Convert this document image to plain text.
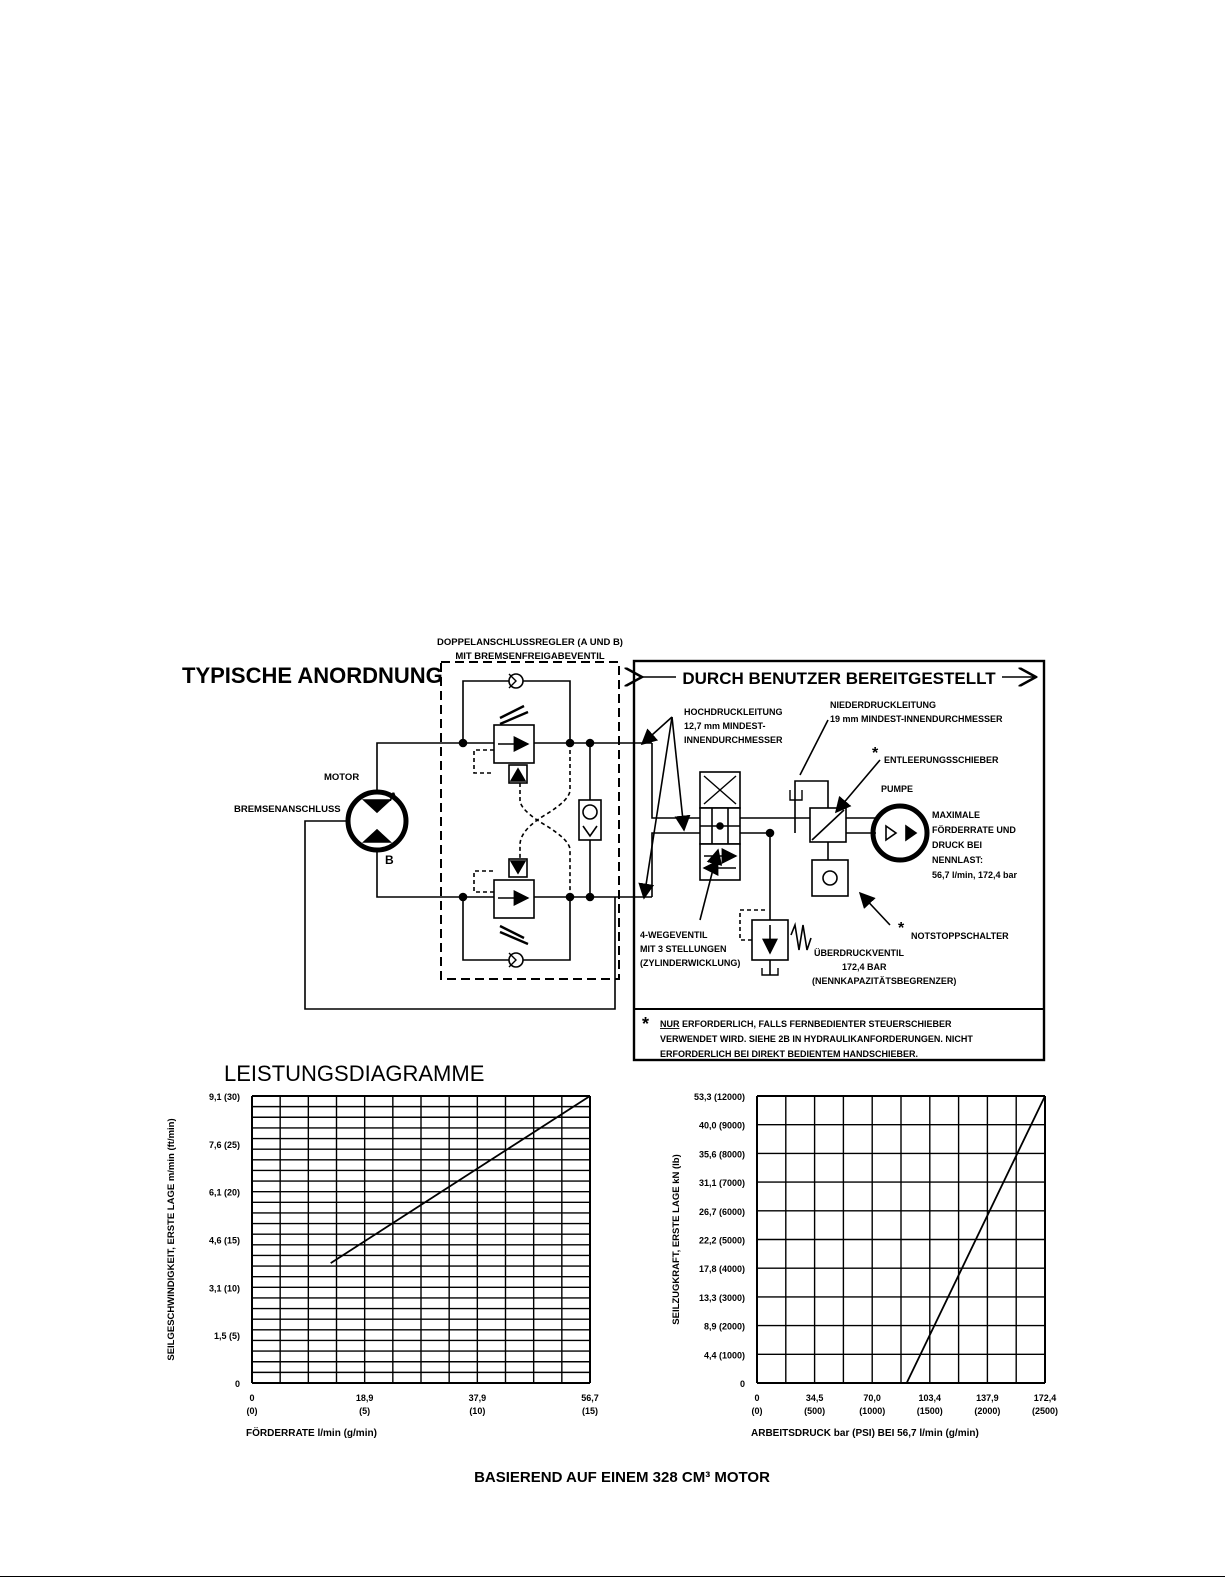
TYPISCHE ANORDNUNG
DOPPELANSCHLUSSREGLER (A UND B)
MIT BREMSENFREIGABEVENTIL
MOTOR
BREMSENANSCHLUSS
A
B
DURCH BENUTZER BEREITGESTELLT
HOCHDRUCKLEITUNG
12,7 mm MINDEST-
INNENDURCHMESSER
NIEDERDRUCKLEITUNG
19 mm MINDEST-INNENDURCHMESSER
* ENTLEERUNGSSCHIEBER
PUMPE
MAXIMALE
FÖRDERRATE UND
DRUCK BEI
NENNLAST:
56,7 l/min, 172,4 bar
4-WEGEVENTIL
MIT 3 STELLUNGEN
(ZYLINDERWICKLUNG)
ÜBERDRUCKVENTIL
172,4 BAR
(NENNKAPAZITÄTSBEGRENZER)
* NOTSTOPPSCHALTER
* NUR ERFORDERLICH, FALLS FERNBEDIENTER STEUERSCHIEBER
VERWENDET WIRD. SIEHE 2B IN HYDRAULIKANFORDERUNGEN. NICHT
ERFORDERLICH BEI DIREKT BEDIENTEM HANDSCHIEBER.
LEISTUNGSDIAGRAMME
0
1,5 (5)
3,1 (10)
4,6 (15)
6,1 (20)
7,6 (25)
9,1 (30)
0
(0)
18,9
(5)
37,9
(10)
56,7
(15)
FÖRDERRATE l/min (g/min)
SEILGESCHWINDIGKEIT, ERSTE LAGE m/min (ft/min)
0
4,4 (1000)
8,9 (2000)
13,3 (3000)
17,8 (4000)
22,2 (5000)
26,7 (6000)
31,1 (7000)
35,6 (8000)
40,0 (9000)
53,3 (12000)
0
(0)
34,5
(500)
70,0
(1000)
103,4
(1500)
137,9
(2000)
172,4
(2500)
ARBEITSDRUCK bar (PSI) BEI 56,7 l/min (g/min)
SEILZUGKRAFT, ERSTE LAGE kN (lb)
BASIEREND AUF EINEM 328 CM³ MOTOR
